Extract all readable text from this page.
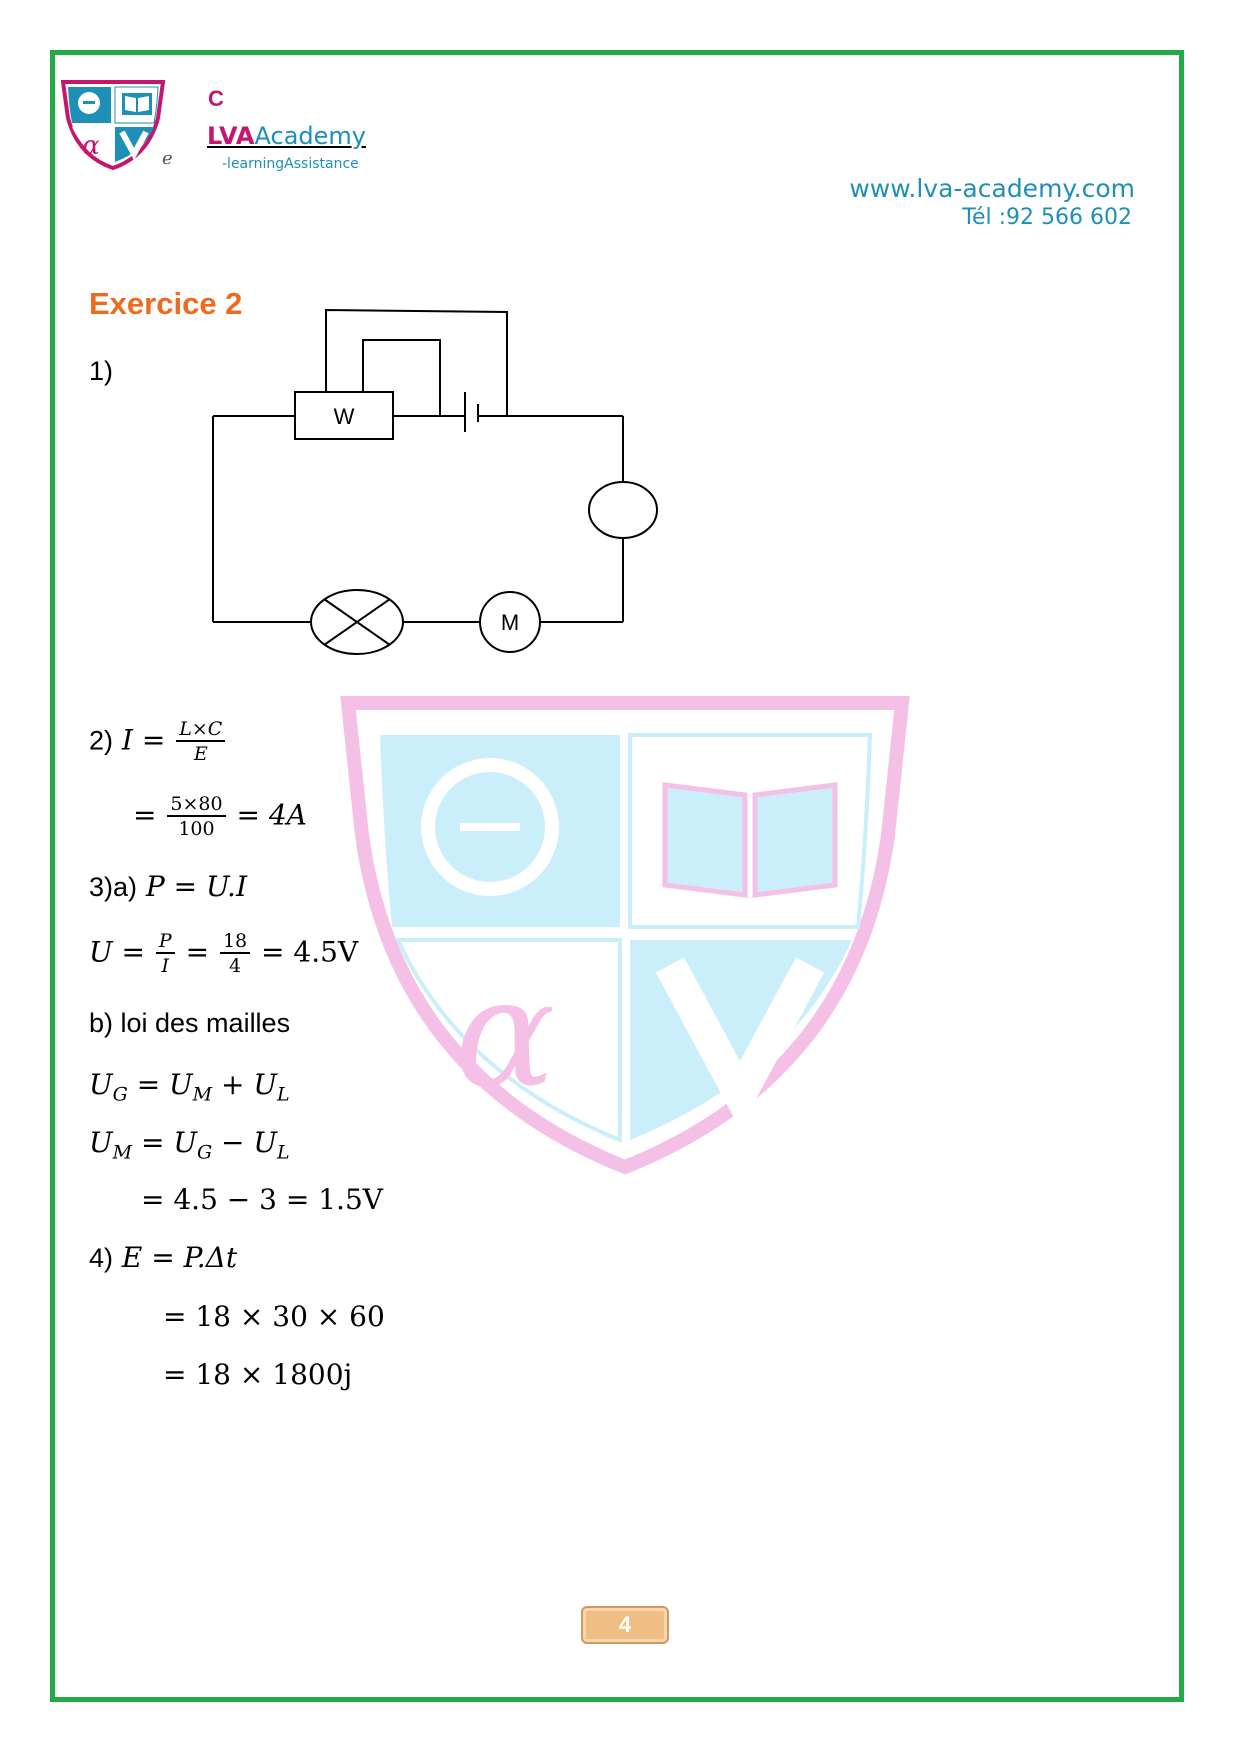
α
C
LVAAcademy
e	-learningAssistance
www.lva-academy.com
Tél :92 566 602
α
Exercice 2
1)
W
M
2) $I = \frac{L\times C}{E}$
= $\frac{5\times 80}{100} = 4A$
3)a) P = U.I
$U = \frac{P}{I} = \frac{18}{4} = 4.5V$
b) loi des mailles
$U_G = U_M + U_L$
$U_M = U_G - U_L$
= 4.5 − 3 = 1.5V
4) E = P.Δt
= 18 × 30 × 60
= 18 × 1800j
4
